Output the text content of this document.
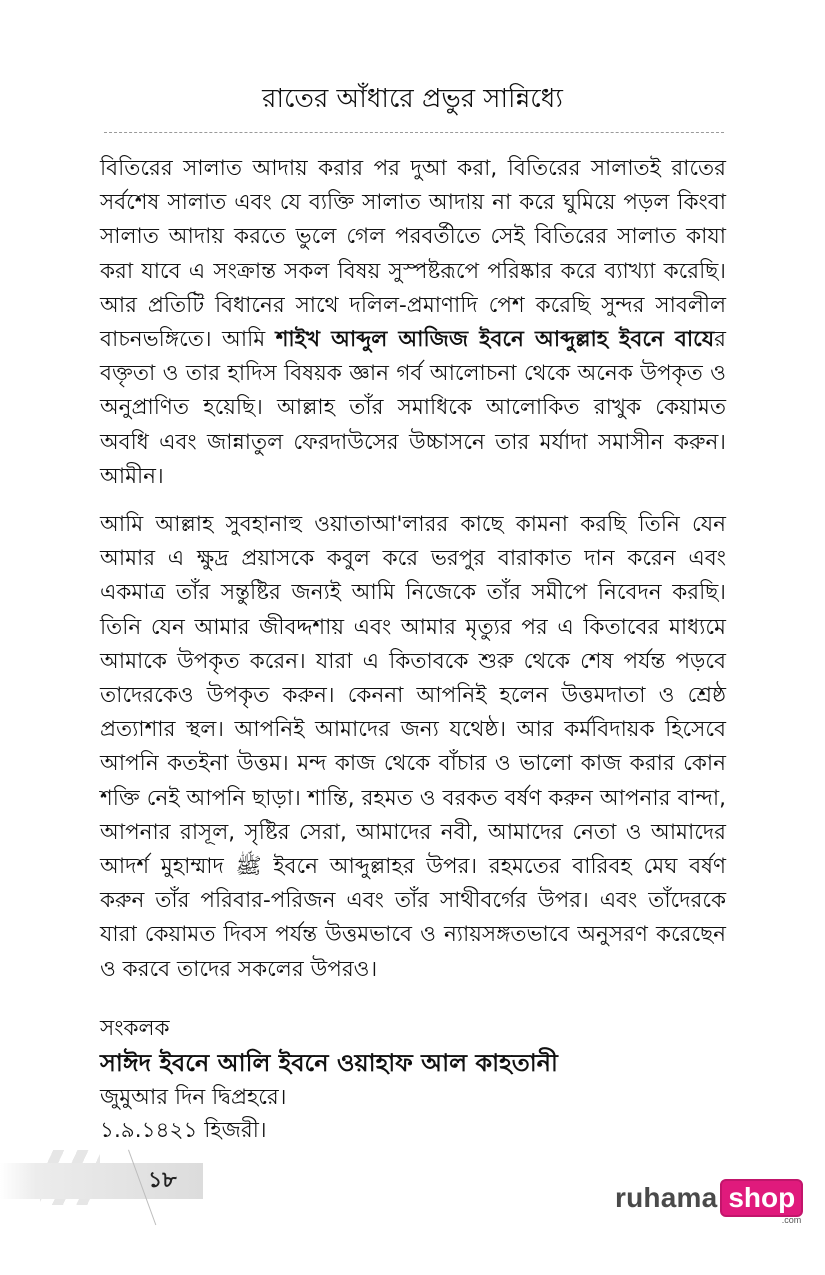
রাতের আঁধারে প্রভুর সান্নিধ্যে

বিতিরের সালাত আদায় করার পর দুআ করা, বিতিরের সালাতই রাতের সর্বশেষ সালাত এবং যে ব্যক্তি সালাত আদায় না করে ঘুমিয়ে পড়ল কিংবা সালাত আদায় করতে ভুলে গেল পরবর্তীতে সেই বিতিরের সালাত কাযা করা যাবে এ সংক্রান্ত সকল বিষয় সুস্পষ্টরূপে পরিষ্কার করে ব্যাখ্যা করেছি। আর প্রতিটি বিধানের সাথে দলিল-প্রমাণাদি পেশ করেছি সুন্দর সাবলীল বাচনভঙ্গিতে। আমি শাইখ আব্দুল আজিজ ইবনে আব্দুল্লাহ ইবনে বাযের বক্তৃতা ও তার হাদিস বিষয়ক জ্ঞান গর্ব আলোচনা থেকে অনেক উপকৃত ও অনুপ্রাণিত হয়েছি। আল্লাহ তাঁর সমাধিকে আলোকিত রাখুক কেয়ামত অবধি এবং জান্নাতুল ফেরদাউসের উচ্চাসনে তার মর্যাদা সমাসীন করুন। আমীন।

আমি আল্লাহ সুবহানাহু ওয়াতাআ'লারর কাছে কামনা করছি তিনি যেন আমার এ ক্ষুদ্র প্রয়াসকে কবুল করে ভরপুর বারাকাত দান করেন এবং একমাত্র তাঁর সন্তুষ্টির জন্যই আমি নিজেকে তাঁর সমীপে নিবেদন করছি। তিনি যেন আমার জীবদ্দশায় এবং আমার মৃত্যুর পর এ কিতাবের মাধ্যমে আমাকে উপকৃত করেন। যারা এ কিতাবকে শুরু থেকে শেষ পর্যন্ত পড়বে তাদেরকেও উপকৃত করুন। কেননা আপনিই হলেন উত্তমদাতা ও শ্রেষ্ঠ প্রত্যাশার স্থল। আপনিই আমাদের জন্য যথেষ্ঠ। আর কর্মবিদায়ক হিসেবে আপনি কতইনা উত্তম। মন্দ কাজ থেকে বাঁচার ও ভালো কাজ করার কোন শক্তি নেই আপনি ছাড়া। শান্তি, রহমত ও বরকত বর্ষণ করুন আপনার বান্দা, আপনার রাসূল, সৃষ্টির সেরা, আমাদের নবী, আমাদের নেতা ও আমাদের আদর্শ মুহাম্মাদ ﷺ ইবনে আব্দুল্লাহর উপর। রহমতের বারিবহ মেঘ বর্ষণ করুন তাঁর পরিবার-পরিজন এবং তাঁর সাথীবর্গের উপর। এবং তাঁদেরকে যারা কেয়ামত দিবস পর্যন্ত উত্তমভাবে ও ন্যায়সঙ্গতভাবে অনুসরণ করেছেন ও করবে তাদের সকলের উপরও।

সংকলক
সাঈদ ইবনে আলি ইবনে ওয়াহাফ আল কাহতানী
জুমুআর দিন দ্বিপ্রহরে।
১.৯.১৪২১ হিজরী।
১৮
ruhama shop
.com
